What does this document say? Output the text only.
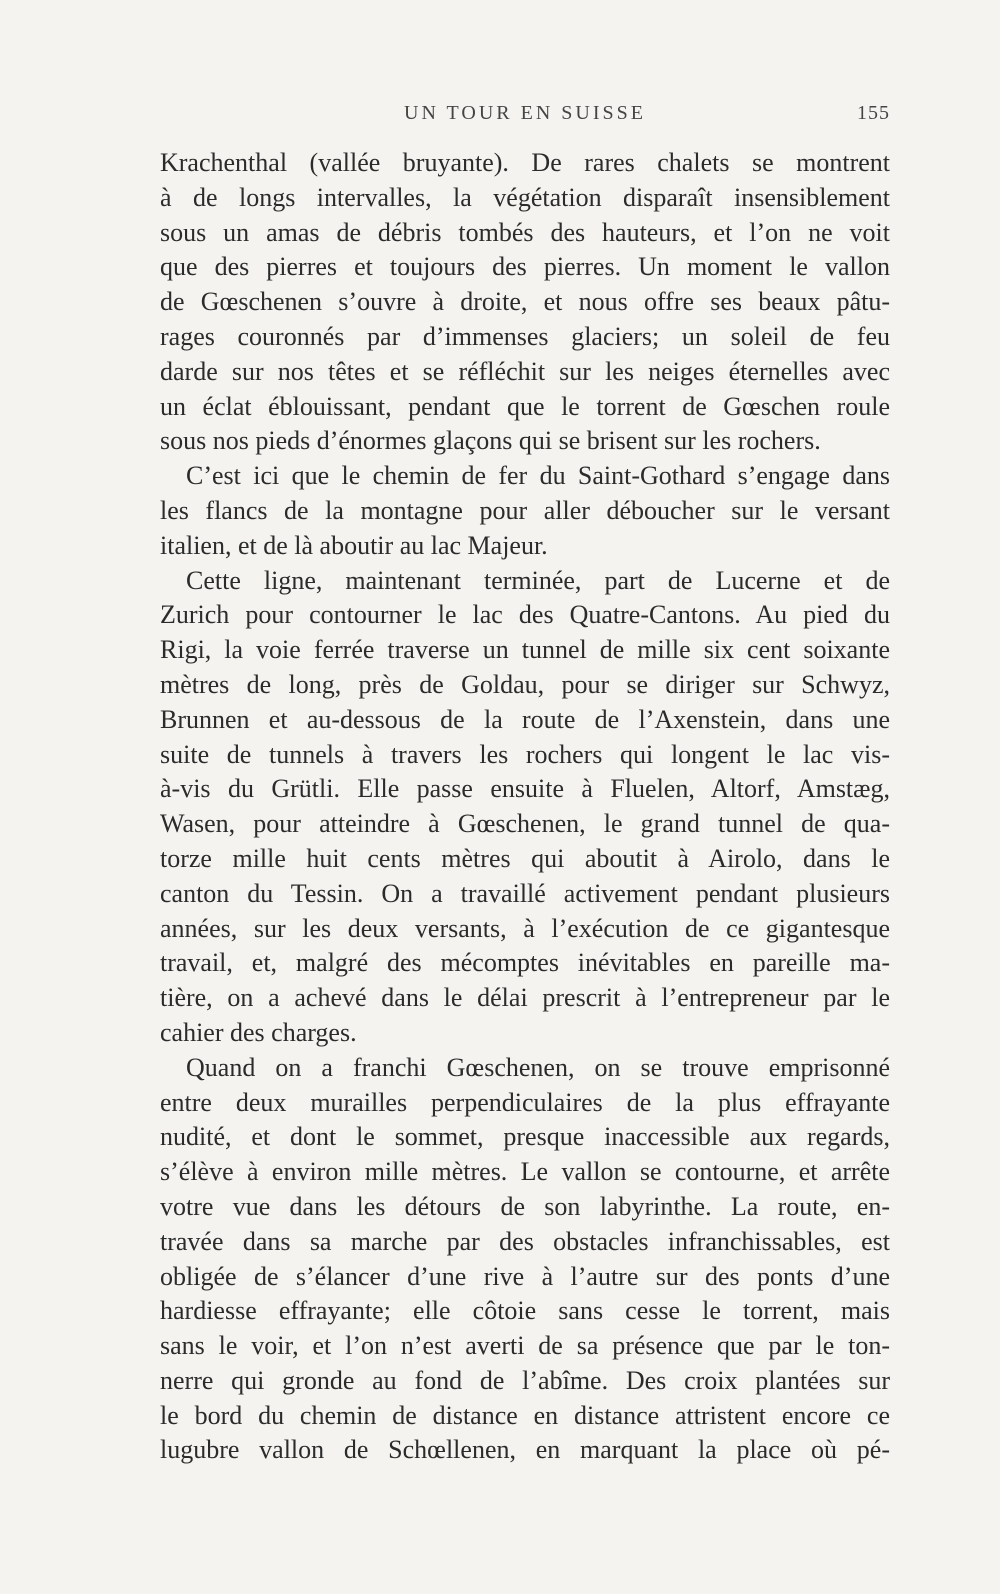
UN TOUR EN SUISSE	155
Krachenthal (vallée bruyante). De rares chalets se montrent
à de longs intervalles, la végétation disparaît insensiblement
sous un amas de débris tombés des hauteurs, et l’on ne voit
que des pierres et toujours des pierres. Un moment le vallon
de Gœschenen s’ouvre à droite, et nous offre ses beaux pâtu-
rages couronnés par d’immenses glaciers; un soleil de feu
darde sur nos têtes et se réfléchit sur les neiges éternelles avec
un éclat éblouissant, pendant que le torrent de Gœschen roule
sous nos pieds d’énormes glaçons qui se brisent sur les rochers.
C’est ici que le chemin de fer du Saint-Gothard s’engage dans
les flancs de la montagne pour aller déboucher sur le versant
italien, et de là aboutir au lac Majeur.
Cette ligne, maintenant terminée, part de Lucerne et de
Zurich pour contourner le lac des Quatre-Cantons. Au pied du
Rigi, la voie ferrée traverse un tunnel de mille six cent soixante
mètres de long, près de Goldau, pour se diriger sur Schwyz,
Brunnen et au-dessous de la route de l’Axenstein, dans une
suite de tunnels à travers les rochers qui longent le lac vis-
à-vis du Grütli. Elle passe ensuite à Fluelen, Altorf, Amstæg,
Wasen, pour atteindre à Gœschenen, le grand tunnel de qua-
torze mille huit cents mètres qui aboutit à Airolo, dans le
canton du Tessin. On a travaillé activement pendant plusieurs
années, sur les deux versants, à l’exécution de ce gigantesque
travail, et, malgré des mécomptes inévitables en pareille ma-
tière, on a achevé dans le délai prescrit à l’entrepreneur par le
cahier des charges.
Quand on a franchi Gœschenen, on se trouve emprisonné
entre deux murailles perpendiculaires de la plus effrayante
nudité, et dont le sommet, presque inaccessible aux regards,
s’élève à environ mille mètres. Le vallon se contourne, et arrête
votre vue dans les détours de son labyrinthe. La route, en-
travée dans sa marche par des obstacles infranchissables, est
obligée de s’élancer d’une rive à l’autre sur des ponts d’une
hardiesse effrayante; elle côtoie sans cesse le torrent, mais
sans le voir, et l’on n’est averti de sa présence que par le ton-
nerre qui gronde au fond de l’abîme. Des croix plantées sur
le bord du chemin de distance en distance attristent encore ce
lugubre vallon de Schœllenen, en marquant la place où pé-
